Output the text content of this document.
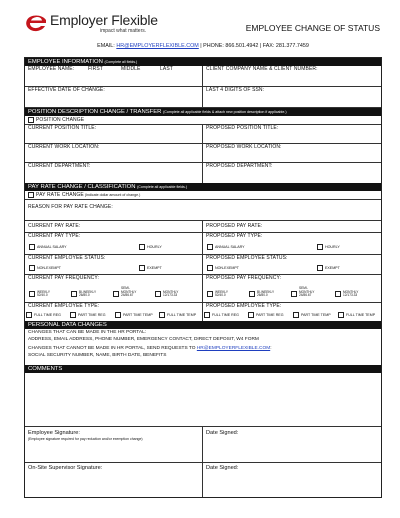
Employer Flexible
impact what matters.	EMPLOYEE CHANGE OF STATUS
EMAIL: HR@EMPLOYERFLEXIBLE.COM | PHONE: 866.501.4942 | FAX: 281.377.7459
EMPLOYEE INFORMATION (Complete all fields.)
EMPLOYEE NAME:	FIRST	MIDDLE	LAST	CLIENT COMPANY NAME & CLIENT NUMBER:
EFFECTIVE DATE OF CHANGE:	LAST 4 DIGITS OF SSN:
POSITION DESCRIPTION CHANGE / TRANSFER (Complete all applicable fields & attach new position description if applicable.)
POSITION CHANGE
CURRENT POSITION TITLE:	PROPOSED POSITION TITLE:
CURRENT WORK LOCATION:	PROPOSED WORK LOCATION:
CURRENT DEPARTMENT:	PROPOSED DEPARTMENT:
PAY RATE CHANGE / CLASSIFICATION (Complete all applicable fields.)
PAY RATE CHANGE (Indicate dollar amount of change.)
REASON FOR PAY RATE CHANGE:
CURRENT PAY RATE:	PROPOSED PAY RATE:
CURRENT PAY TYPE:
ANNUAL SALARY	HOURLY
PROPOSED PAY TYPE:
ANNUAL SALARY	HOURLY
CURRENT EMPLOYEE STATUS:
NON-EXEMPT	EXEMPT
PROPOSED EMPLOYEE STATUS:
NON-EXEMPT	EXEMPT
CURRENT PAY FREQUENCY:

WEEKLY
52/40.0

BI-WEEKLY
26/80.0
SEMI-
MONTHLY
24/86.67

MONTHLY
12/173.33
PROPOSED PAY FREQUENCY:

WEEKLY
52/40.0

BI-WEEKLY
26/80.0
SEMI-
MONTHLY
24/86.67

MONTHLY
12/173.33
CURRENT EMPLOYEE TYPE:
FULL TIME REG	PART TIME REG	PART TIME TEMP	FULL TIME TEMP
PROPOSED EMPLOYEE TYPE:
FULL TIME REG	PART TIME REG	PART TIME TEMP	FULL TIME TEMP
PERSONAL DATA CHANGES
CHANGES THAT CAN BE MADE IN THE HR PORTAL:
ADDRESS, EMAIL ADDRESS, PHONE NUMBER, EMERGENCY CONTACT, DIRECT DEPOSIT, W4 FORM
CHANGES THAT CANNOT BE MADE IN HR PORTAL, SEND REQUESTS TO HR@EMPLOYERFLEXIBLE.COM:
SOCIAL SECURITY NUMBER, NAME, BIRTH DATE, BENEFITS
COMMENTS
Employee Signature:
(Employee signature required for pay reduction and/or exemption change)
Date Signed:
On-Site Supervisor Signature:	Date Signed:
